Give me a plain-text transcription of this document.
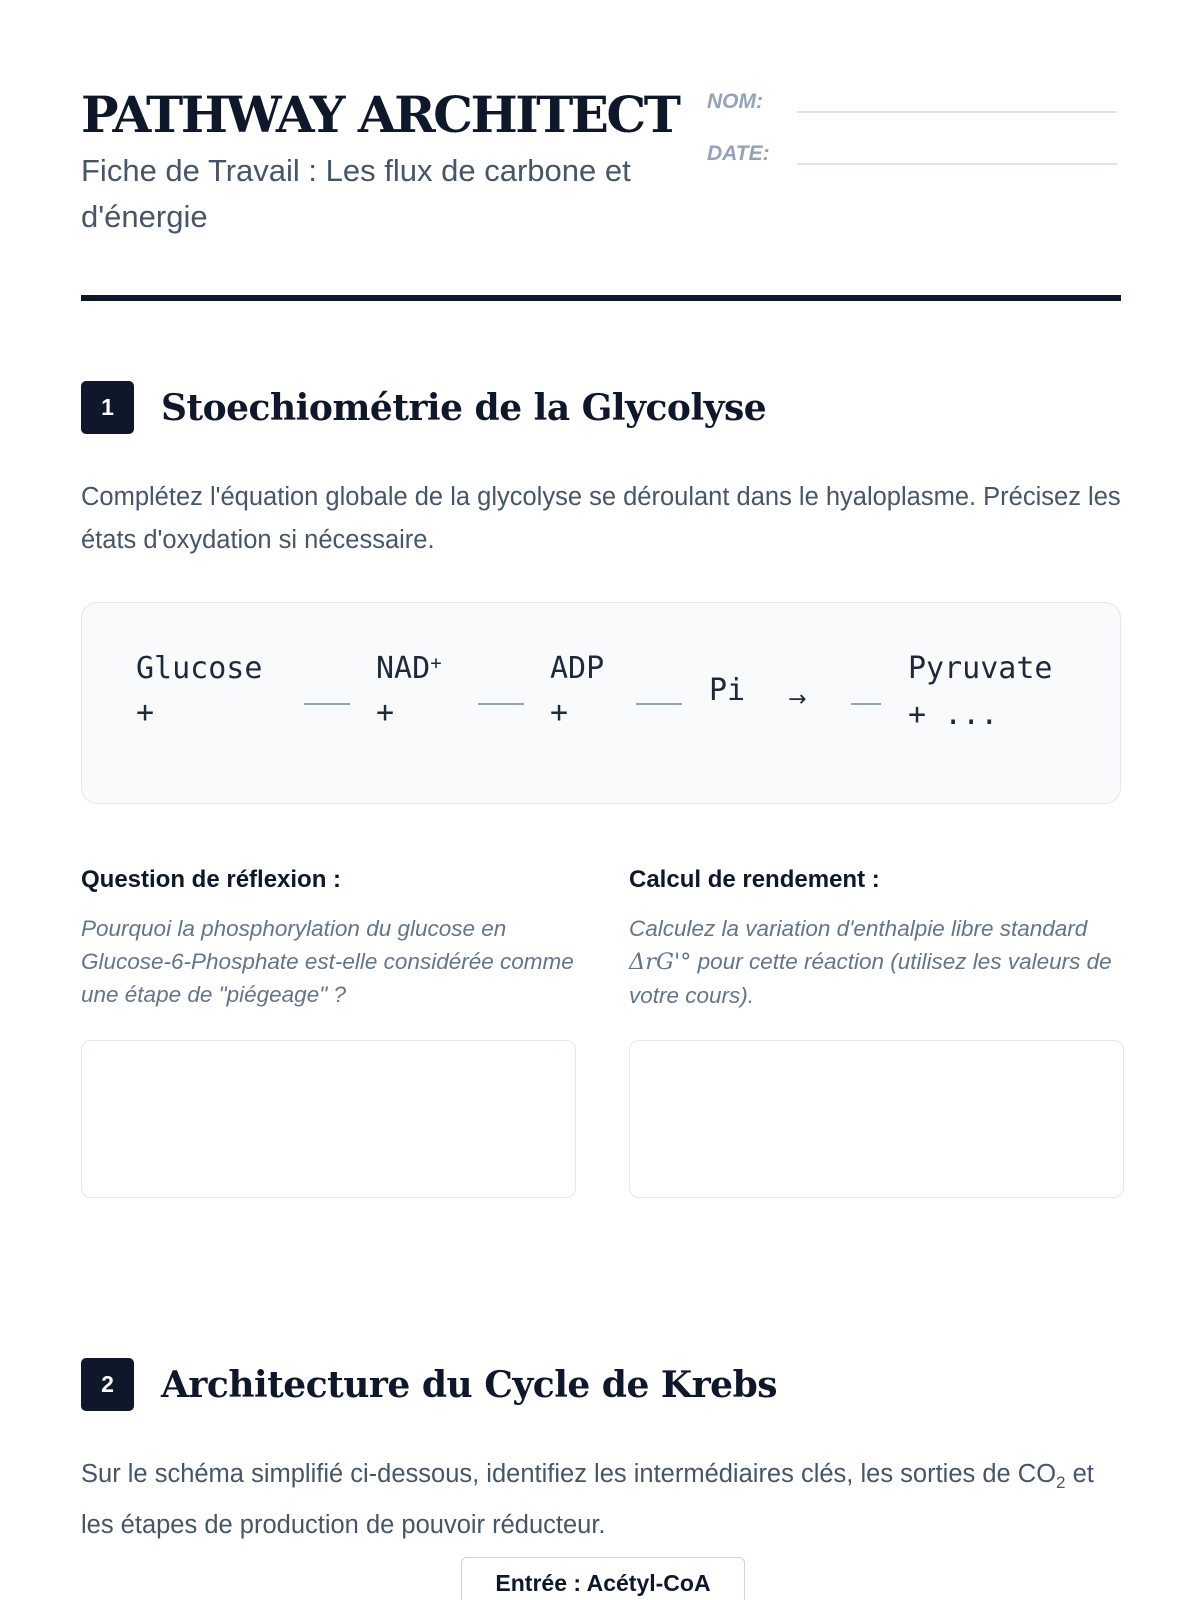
PATHWAY ARCHITECT
Fiche de Travail : Les flux de carbone et d'énergie
NOM:
DATE:
1	Stoechiométrie de la Glycolyse

Complétez l'équation globale de la glycolyse se déroulant dans le hyaloplasme. Précisez les états d'oxydation si nécessaire.

Glucose
+
NAD+
+
ADP
+
Pi →
Pyruvate
+ ...
Question de réflexion :
Pourquoi la phosphorylation du glucose en Glucose-6-Phosphate est-elle considérée comme une étape de "piégeage" ?
Calcul de rendement :
Calculez la variation d'enthalpie libre standard ΔrG'° pour cette réaction (utilisez les valeurs de votre cours).
2	Architecture du Cycle de Krebs

Sur le schéma simplifié ci-dessous, identifiez les intermédiaires clés, les sorties de $CO_2$ et les étapes de production de pouvoir réducteur.

Entrée : Acétyl-CoA
